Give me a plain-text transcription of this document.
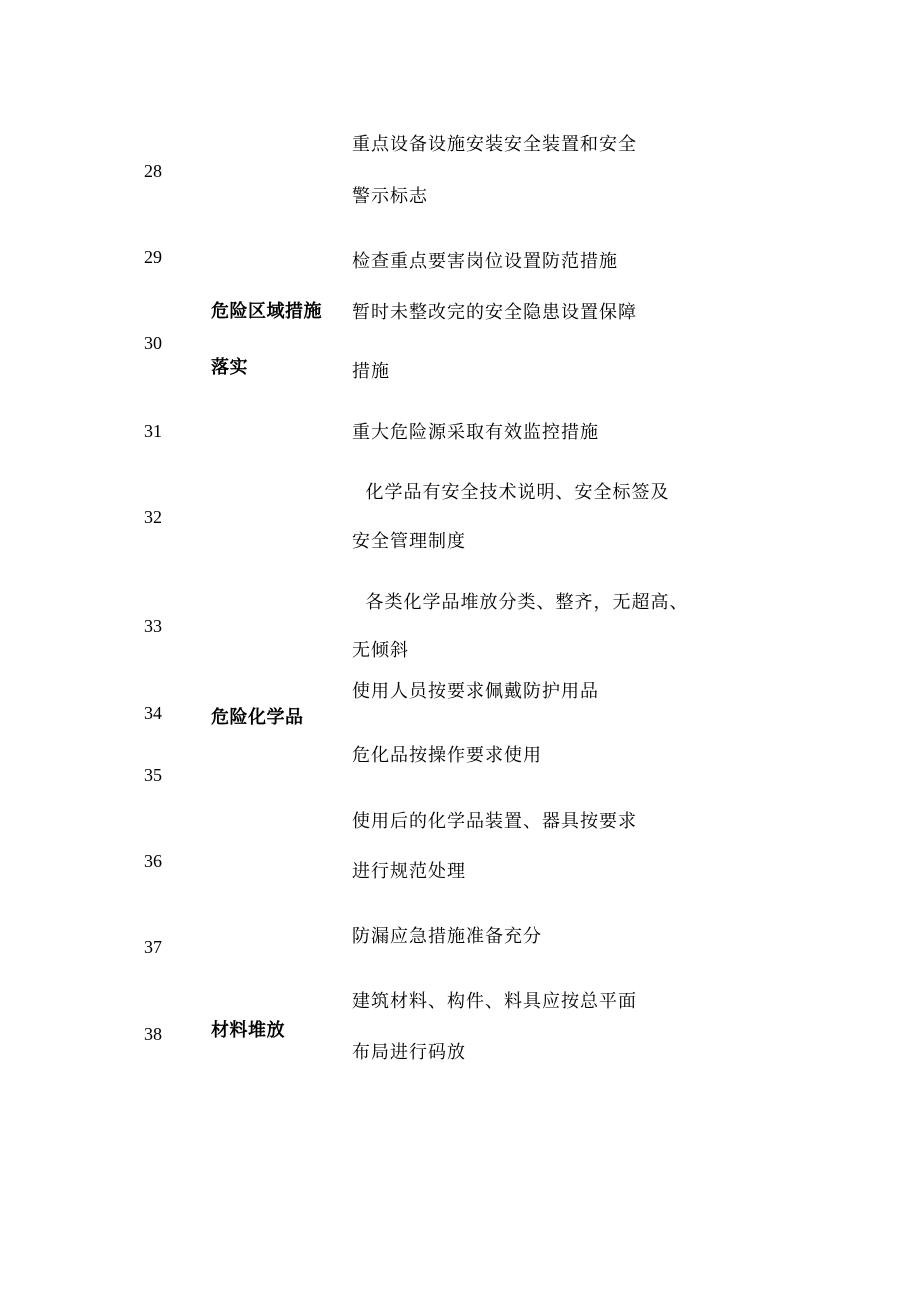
28
29
30
31
32
33
34
35
36
37
38
危险区域措施
落实
危险化学品
材料堆放
重点设备设施安装安全装置和安全
警示标志
检查重点要害岗位设置防范措施
暂时未整改完的安全隐患设置保障
措施
重大危险源采取有效监控措施
化学品有安全技术说明、安全标签及
安全管理制度
各类化学品堆放分类、整齐，无超高、
无倾斜
使用人员按要求佩戴防护用品
危化品按操作要求使用
使用后的化学品装置、器具按要求
进行规范处理
防漏应急措施准备充分
建筑材料、构件、料具应按总平面
布局进行码放
